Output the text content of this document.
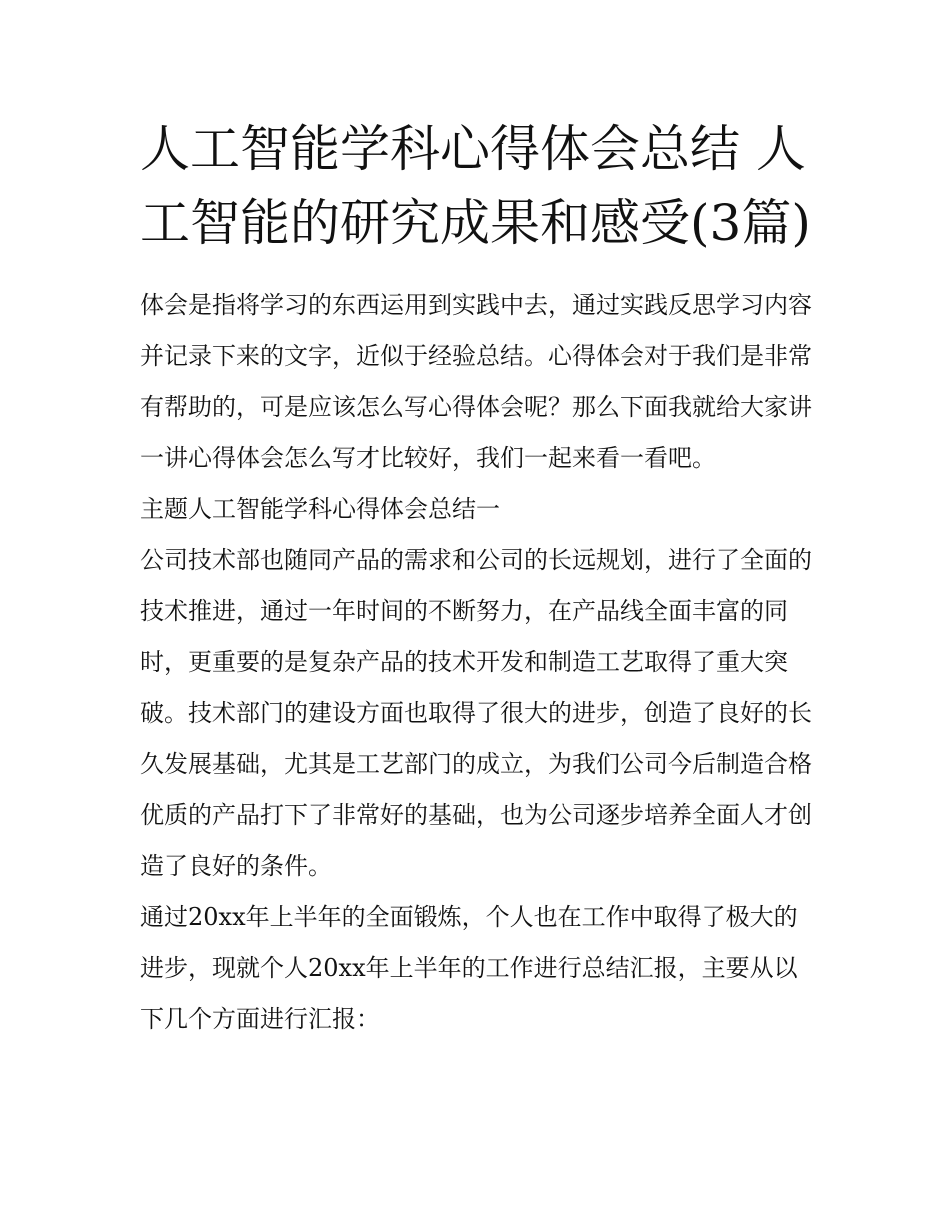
人工智能学科心得体会总结 人工智能的研究成果和感受(3篇)

体会是指将学习的东西运用到实践中去，通过实践反思学习内容并记录下来的文字，近似于经验总结。心得体会对于我们是非常有帮助的，可是应该怎么写心得体会呢？那么下面我就给大家讲一讲心得体会怎么写才比较好，我们一起来看一看吧。

主题人工智能学科心得体会总结一

公司技术部也随同产品的需求和公司的长远规划，进行了全面的技术推进，通过一年时间的不断努力，在产品线全面丰富的同时，更重要的是复杂产品的技术开发和制造工艺取得了重大突破。技术部门的建设方面也取得了很大的进步，创造了良好的长久发展基础，尤其是工艺部门的成立，为我们公司今后制造合格优质的产品打下了非常好的基础，也为公司逐步培养全面人才创造了良好的条件。

通过20xx年上半年的全面锻炼，个人也在工作中取得了极大的进步，现就个人20xx年上半年的工作进行总结汇报，主要从以下几个方面进行汇报：
